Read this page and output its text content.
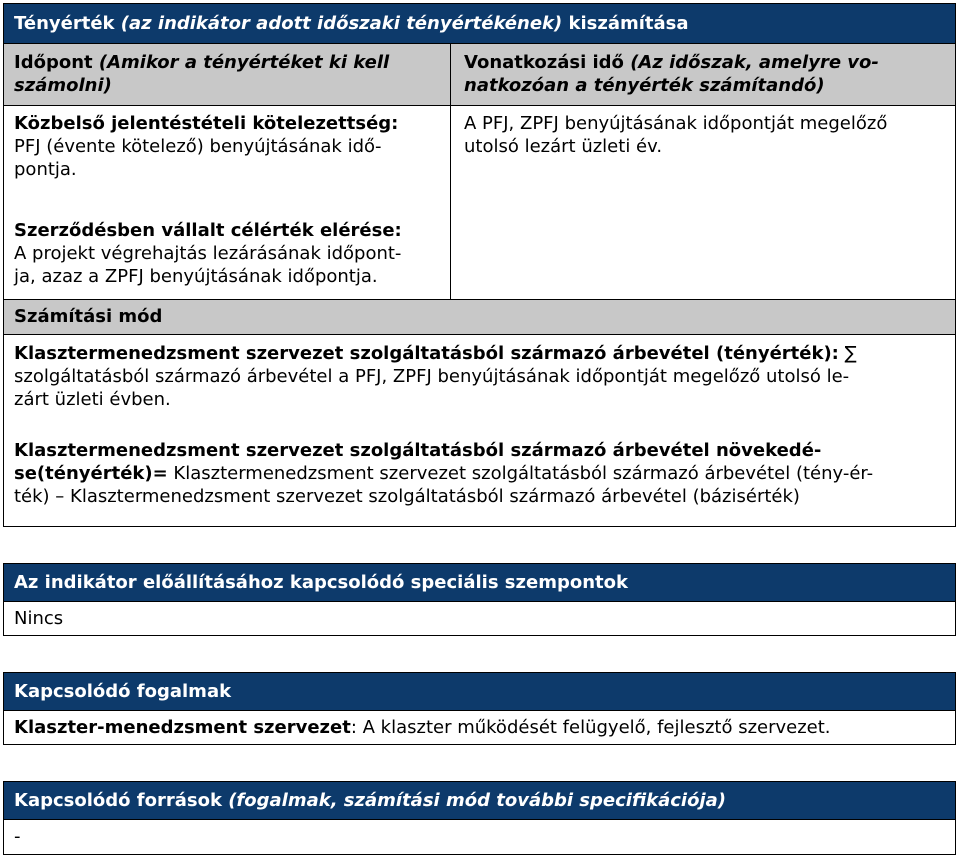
Tényérték (az indikátor adott időszaki tényértékének) kiszámítása
Időpont (Amikor a tényértéket ki kell
számolni)
Vonatkozási idő (Az időszak, amelyre vo-
natkozóan a tényérték számítandó)
Közbelső jelentéstételi kötelezettség:
PFJ (évente kötelező) benyújtásának idő-
pontja.
A PFJ, ZPFJ benyújtásának időpontját megelőző
utolsó lezárt üzleti év.
Szerződésben vállalt célérték elérése:
A projekt végrehajtás lezárásának időpont-
ja, azaz a ZPFJ benyújtásának időpontja.
Számítási mód
Klasztermenedzsment szervezet szolgáltatásból származó árbevétel (tényérték): ∑
szolgáltatásból származó árbevétel a PFJ, ZPFJ benyújtásának időpontját megelőző utolsó le-
zárt üzleti évben.
Klasztermenedzsment szervezet szolgáltatásból származó árbevétel növekedé-
se(tényérték)= Klasztermenedzsment szervezet szolgáltatásból származó árbevétel (tény-ér-
ték) – Klasztermenedzsment szervezet szolgáltatásból származó árbevétel (bázisérték)
Az indikátor előállításához kapcsolódó speciális szempontok
Nincs
Kapcsolódó fogalmak
Klaszter-menedzsment szervezet: A klaszter működését felügyelő, fejlesztő szervezet.
Kapcsolódó források (fogalmak, számítási mód további specifikációja)
-
